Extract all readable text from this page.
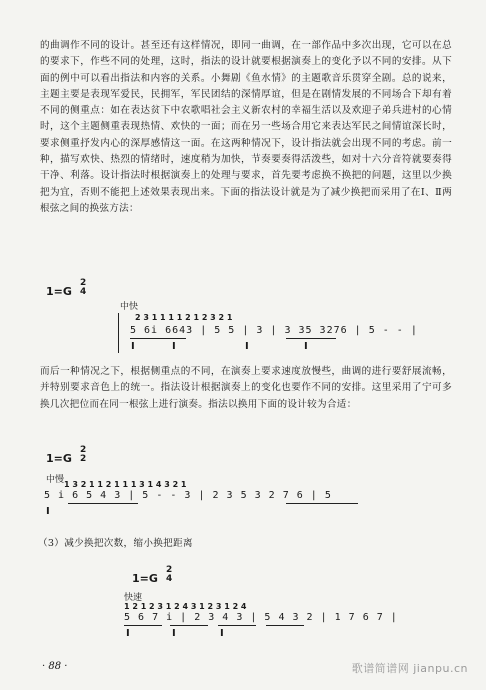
的曲调作不同的设计。甚至还有这样情况，即同一曲调，在一部作品中多次出现，它可以在总的要求下，作些不同的处理，这时，指法的设计就要根据演奏上的变化予以不同的安排。从下面的例中可以看出指法和内容的关系。小舞剧《鱼水情》的主题歌音乐贯穿全剧。总的说来，主题主要是表现军爱民，民拥军，军民团结的深情厚谊，但是在剧情发展的不同场合下却有着不同的侧重点：如在表达贫下中农歌唱社会主义新农村的幸福生活以及欢迎子弟兵进村的心情时，这个主题侧重表现热情、欢快的一面；而在另一些场合用它来表达军民之间情谊深长时，要求侧重抒发内心的深厚感情这一面。在这两种情况下，设计指法就会出现不同的考虑。前一种，描写欢快、热烈的情绪时，速度稍为加快，节奏要奏得活泼些，如对十六分音符就要奏得干净、利落。设计指法时根据演奏上的处理与要求，首先要考虑换不换把的问题，这里以少换把为宜，否则不能把上述效果表现出来。下面的指法设计就是为了减少换把而采用了在Ⅰ、Ⅱ两根弦之间的换弦方法：
1=G
2
4
中快
2 3 1 1 1 1 2 1 2 3 2 1
5 6i 6643 | 5 5 | 3 | 3 35 3276 | 5 - - |
I	I	I	I
而后一种情况之下，根据侧重点的不同，在演奏上要求速度放慢些，曲调的进行要舒展流畅，并特别要求音色上的统一。指法设计根据演奏上的变化也要作不同的安排。这里采用了宁可多换几次把位而在同一根弦上进行演奏。指法以换用下面的设计较为合适：
1=G
2
2
中慢 1 3 2 1 1 2 1 1 1 3 1 4 3 2 1
5 i 6 5 4 3 | 5 - - 3 | 2 3 5 3 2 7 6 | 5
I
（3）减少换把次数，缩小换把距离
1=G
2
4
快速
1 2 1 2 3 1 2 4 3 1 2 3 1 2 4
5 6 7 i | 2 3 4 3 | 5 4 3 2 | 1 7 6 7 |
I	I	I
· 88 ·	歌谱简谱网 jianpu.cn
